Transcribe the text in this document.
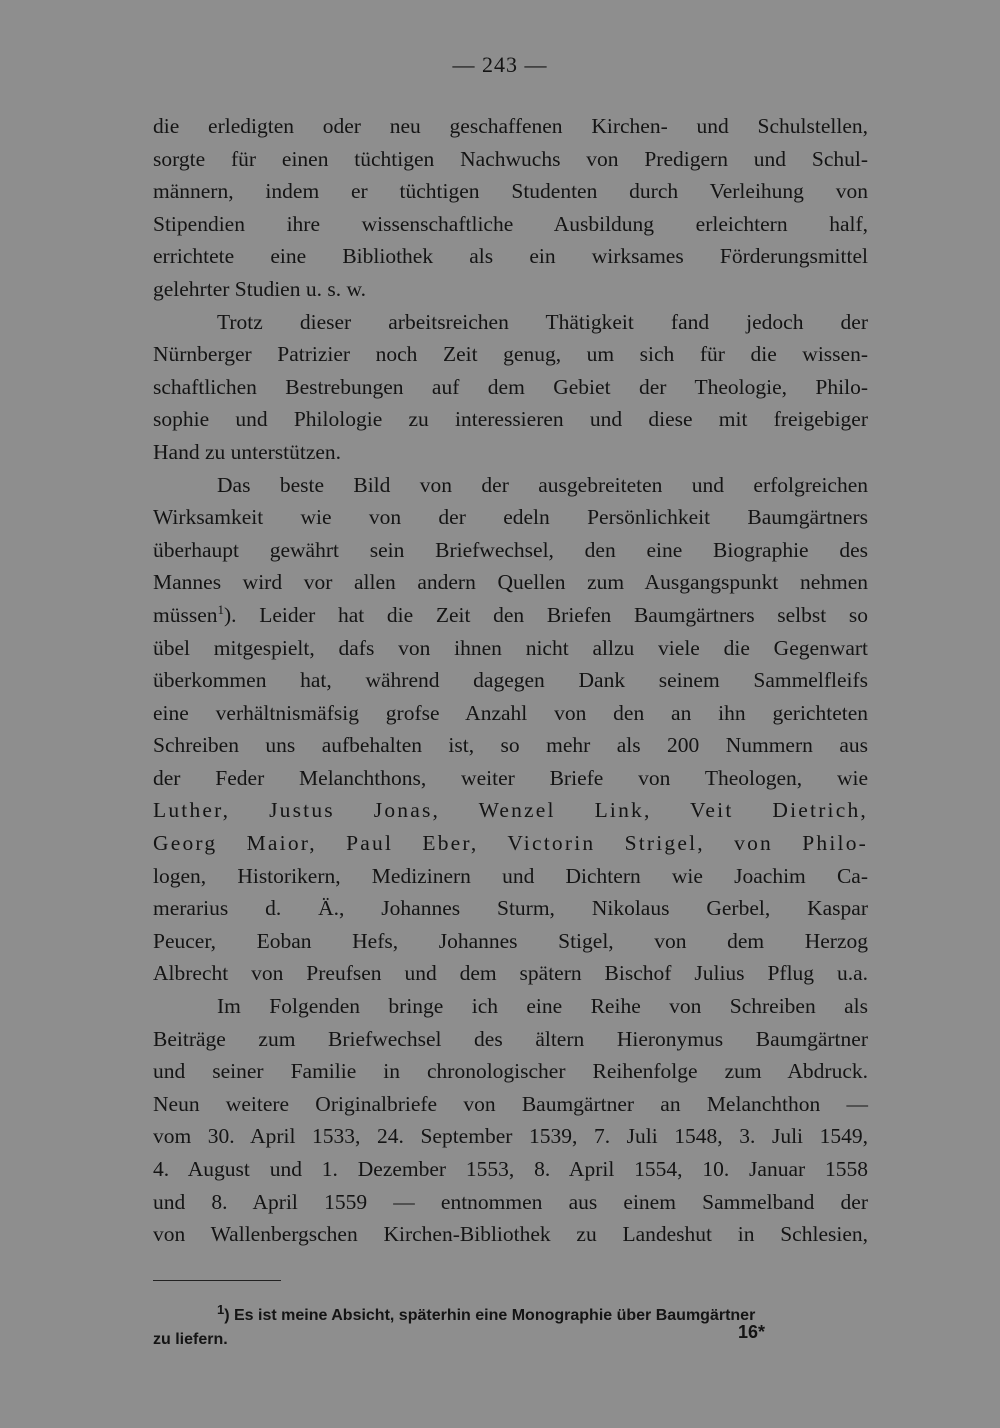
— 243 —

die erledigten oder neu geschaffenen Kirchen- und Schulstellen,
sorgte für einen tüchtigen Nachwuchs von Predigern und Schul-
männern, indem er tüchtigen Studenten durch Verleihung von
Stipendien ihre wissenschaftliche Ausbildung erleichtern half,
errichtete eine Bibliothek als ein wirksames Förderungsmittel
gelehrter Studien u. s. w.

Trotz dieser arbeitsreichen Thätigkeit fand jedoch der
Nürnberger Patrizier noch Zeit genug, um sich für die wissen-
schaftlichen Bestrebungen auf dem Gebiet der Theologie, Philo-
sophie und Philologie zu interessieren und diese mit freigebiger
Hand zu unterstützen.

Das beste Bild von der ausgebreiteten und erfolgreichen
Wirksamkeit wie von der edeln Persönlichkeit Baumgärtners
überhaupt gewährt sein Briefwechsel, den eine Biographie des
Mannes wird vor allen andern Quellen zum Ausgangspunkt nehmen
müssen$^1$). Leider hat die Zeit den Briefen Baumgärtners selbst so
übel mitgespielt, dafs von ihnen nicht allzu viele die Gegenwart
überkommen hat, während dagegen Dank seinem Sammelfleifs
eine verhältnismäfsig grofse Anzahl von den an ihn gerichteten
Schreiben uns aufbehalten ist, so mehr als 200 Nummern aus
der Feder Melanchthons, weiter Briefe von Theologen, wie
Luther, Justus Jonas, Wenzel Link, Veit Dietrich,
Georg Maior, Paul Eber, Victorin Strigel, von Philo-
logen, Historikern, Medizinern und Dichtern wie Joachim Ca-
merarius d. Ä., Johannes Sturm, Nikolaus Gerbel, Kaspar
Peucer, Eoban Hefs, Johannes Stigel, von dem Herzog
Albrecht von Preufsen und dem spätern Bischof Julius Pflug u.a.

Im Folgenden bringe ich eine Reihe von Schreiben als
Beiträge zum Briefwechsel des ältern Hieronymus Baumgärtner
und seiner Familie in chronologischer Reihenfolge zum Abdruck.
Neun weitere Originalbriefe von Baumgärtner an Melanchthon —
vom 30. April 1533, 24. September 1539, 7. Juli 1548, 3. Juli 1549,
4. August und 1. Dezember 1553, 8. April 1554, 10. Januar 1558
und 8. April 1559 — entnommen aus einem Sammelband der
von Wallenbergschen Kirchen-Bibliothek zu Landeshut in Schlesien,

$^1$) Es ist meine Absicht, späterhin eine Monographie über Baumgärtner
zu liefern.	16*
